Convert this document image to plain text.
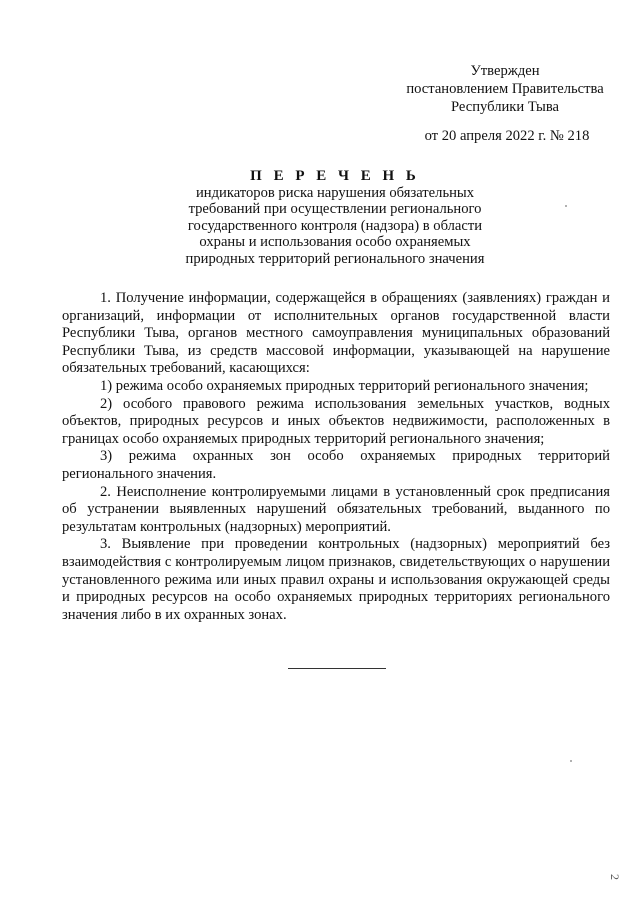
Утвержден
постановлением Правительства
Республики Тыва
от 20 апреля 2022 г. № 218
П Е Р Е Ч Е Н Ь
индикаторов риска нарушения обязательных
требований при осуществлении регионального
государственного контроля (надзора) в области
охраны и использования особо охраняемых
природных территорий регионального значения

1. Получение информации, содержащейся в обращениях (заявлениях) граждан и организаций, информации от исполнительных органов государственной власти Республики Тыва, органов местного самоуправления муниципальных образований Республики Тыва, из средств массовой информации, указывающей на нарушение обязательных требований, касающихся:

1) режима особо охраняемых природных территорий регионального значения;

2) особого правового режима использования земельных участков, водных объектов, природных ресурсов и иных объектов недвижимости, расположенных в границах особо охраняемых природных территорий регионального значения;

3) режима охранных зон особо охраняемых природных территорий регионального значения.

2. Неисполнение контролируемыми лицами в установленный срок предписания об устранении выявленных нарушений обязательных требований, выданного по результатам контрольных (надзорных) мероприятий.

3. Выявление при проведении контрольных (надзорных) мероприятий без взаимодействия с контролируемым лицом признаков, свидетельствующих о нарушении установленного режима или иных правил охраны и использования окружающей среды и природных ресурсов на особо охраняемых природных территориях регионального значения либо в их охранных зонах.

2
